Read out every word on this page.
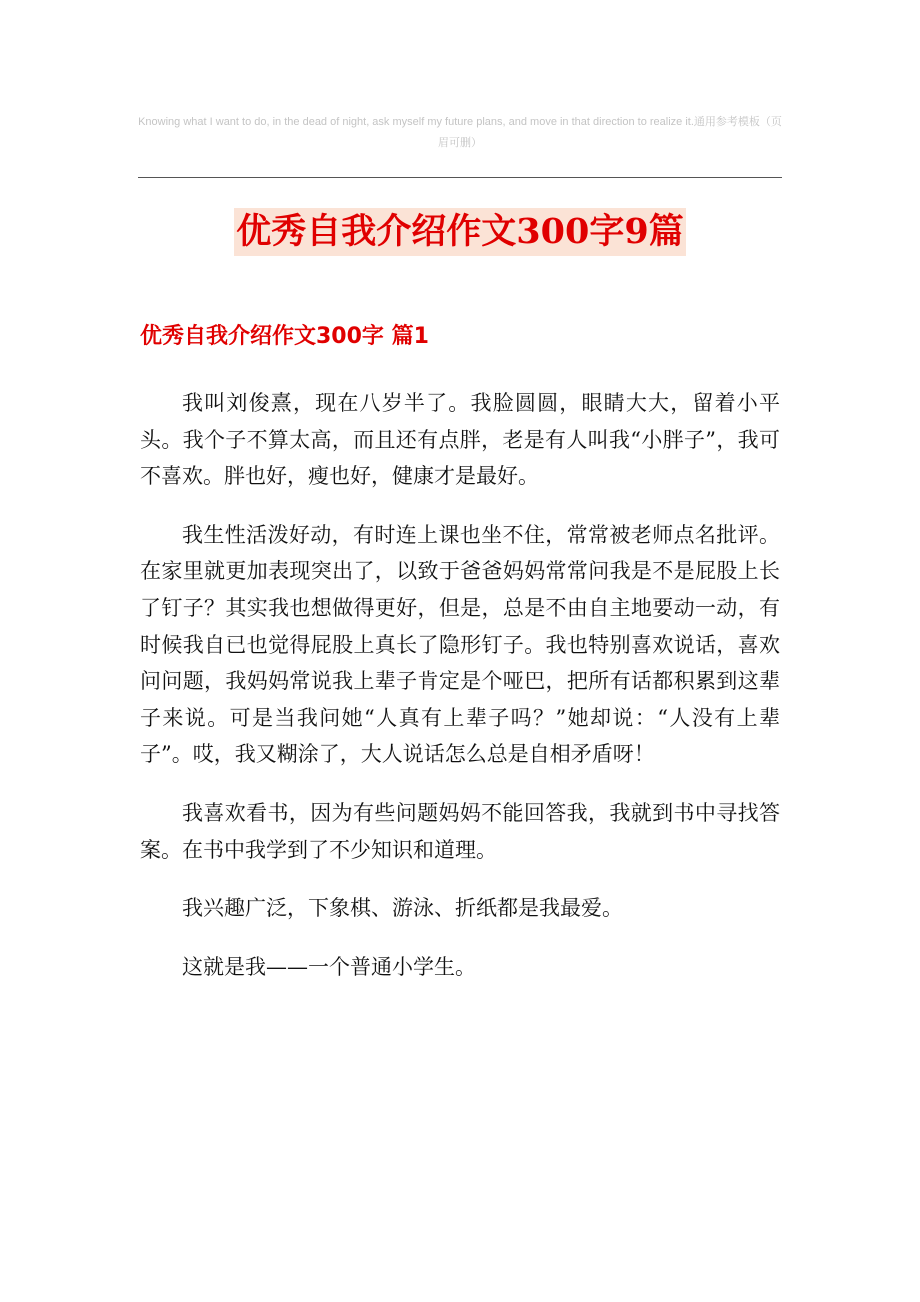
Knowing what I want to do, in the dead of night, ask myself my future plans, and move in that direction to realize it.通用参考模板（页眉可删）
优秀自我介绍作文300字9篇
优秀自我介绍作文300字 篇1

我叫刘俊熹，现在八岁半了。我脸圆圆，眼睛大大，留着小平头。我个子不算太高，而且还有点胖，老是有人叫我“小胖子”，我可不喜欢。胖也好，瘦也好，健康才是最好。

我生性活泼好动，有时连上课也坐不住，常常被老师点名批评。在家里就更加表现突出了，以致于爸爸妈妈常常问我是不是屁股上长了钉子？其实我也想做得更好，但是，总是不由自主地要动一动，有时候我自已也觉得屁股上真长了隐形钉子。我也特别喜欢说话，喜欢问问题，我妈妈常说我上辈子肯定是个哑巴，把所有话都积累到这辈子来说。可是当我问她“人真有上辈子吗？”她却说：“人没有上辈子”。哎，我又糊涂了，大人说话怎么总是自相矛盾呀！

我喜欢看书，因为有些问题妈妈不能回答我，我就到书中寻找答案。在书中我学到了不少知识和道理。

我兴趣广泛，下象棋、游泳、折纸都是我最爱。

这就是我——一个普通小学生。
